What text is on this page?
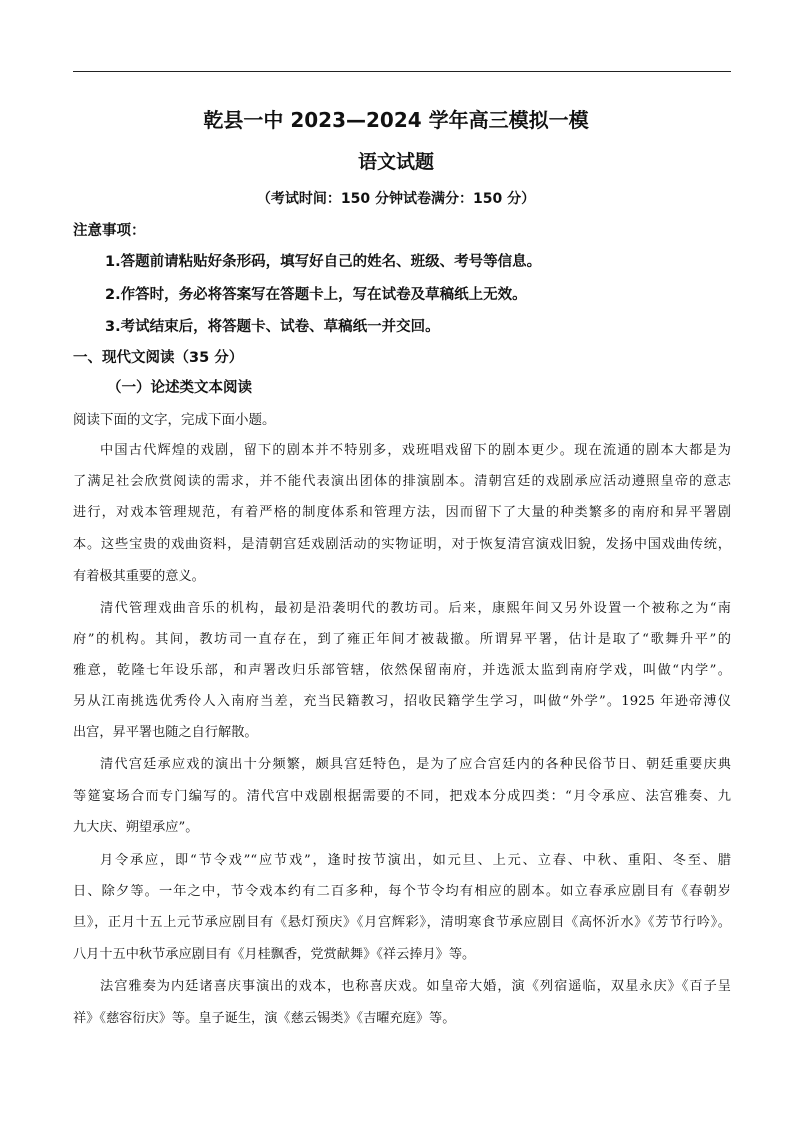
乾县一中 2023—2024 学年高三模拟一模
语文试题
（考试时间：150 分钟试卷满分：150 分）
注意事项：
1.答题前请粘贴好条形码，填写好自己的姓名、班级、考号等信息。
2.作答时，务必将答案写在答题卡上，写在试卷及草稿纸上无效。
3.考试结束后，将答题卡、试卷、草稿纸一并交回。
一、现代文阅读（35 分）
（一）论述类文本阅读
阅读下面的文字，完成下面小题。
中国古代辉煌的戏剧，留下的剧本并不特别多，戏班唱戏留下的剧本更少。现在流通的剧本大都是为
了满足社会欣赏阅读的需求，并不能代表演出团体的排演剧本。清朝宫廷的戏剧承应活动遵照皇帝的意志
进行，对戏本管理规范，有着严格的制度体系和管理方法，因而留下了大量的种类繁多的南府和昇平署剧
本。这些宝贵的戏曲资料，是清朝宫廷戏剧活动的实物证明，对于恢复清宫演戏旧貌，发扬中国戏曲传统，
有着极其重要的意义。
清代管理戏曲音乐的机构，最初是沿袭明代的教坊司。后来，康熙年间又另外设置一个被称之为“南
府”的机构。其间，教坊司一直存在，到了雍正年间才被裁撤。所谓昇平署，估计是取了“歌舞升平”的
雅意，乾隆七年设乐部，和声署改归乐部管辖，依然保留南府，并选派太监到南府学戏，叫做“内学”。
另从江南挑选优秀伶人入南府当差，充当民籍教习，招收民籍学生学习，叫做“外学”。1925 年逊帝溥仪
出宫，昇平署也随之自行解散。
清代宫廷承应戏的演出十分频繁，颇具宫廷特色，是为了应合宫廷内的各种民俗节日、朝廷重要庆典
等筵宴场合而专门编写的。清代宫中戏剧根据需要的不同，把戏本分成四类：“月令承应、法宫雅奏、九
九大庆、朔望承应”。
月令承应，即“节令戏”“应节戏”，逢时按节演出，如元旦、上元、立春、中秋、重阳、冬至、腊
日、除夕等。一年之中，节令戏本约有二百多种，每个节令均有相应的剧本。如立春承应剧目有《春朝岁
旦》，正月十五上元节承应剧目有《悬灯预庆》《月宫辉彩》，清明寒食节承应剧目《高怀沂水》《芳节行吟》。
八月十五中秋节承应剧目有《月桂飘香，党赏献舞》《祥云捧月》等。
法宫雅奏为内廷诸喜庆事演出的戏本，也称喜庆戏。如皇帝大婚，演《列宿遥临，双星永庆》《百子呈
祥》《慈容衍庆》等。皇子诞生，演《慈云锡类》《吉曜充庭》等。
